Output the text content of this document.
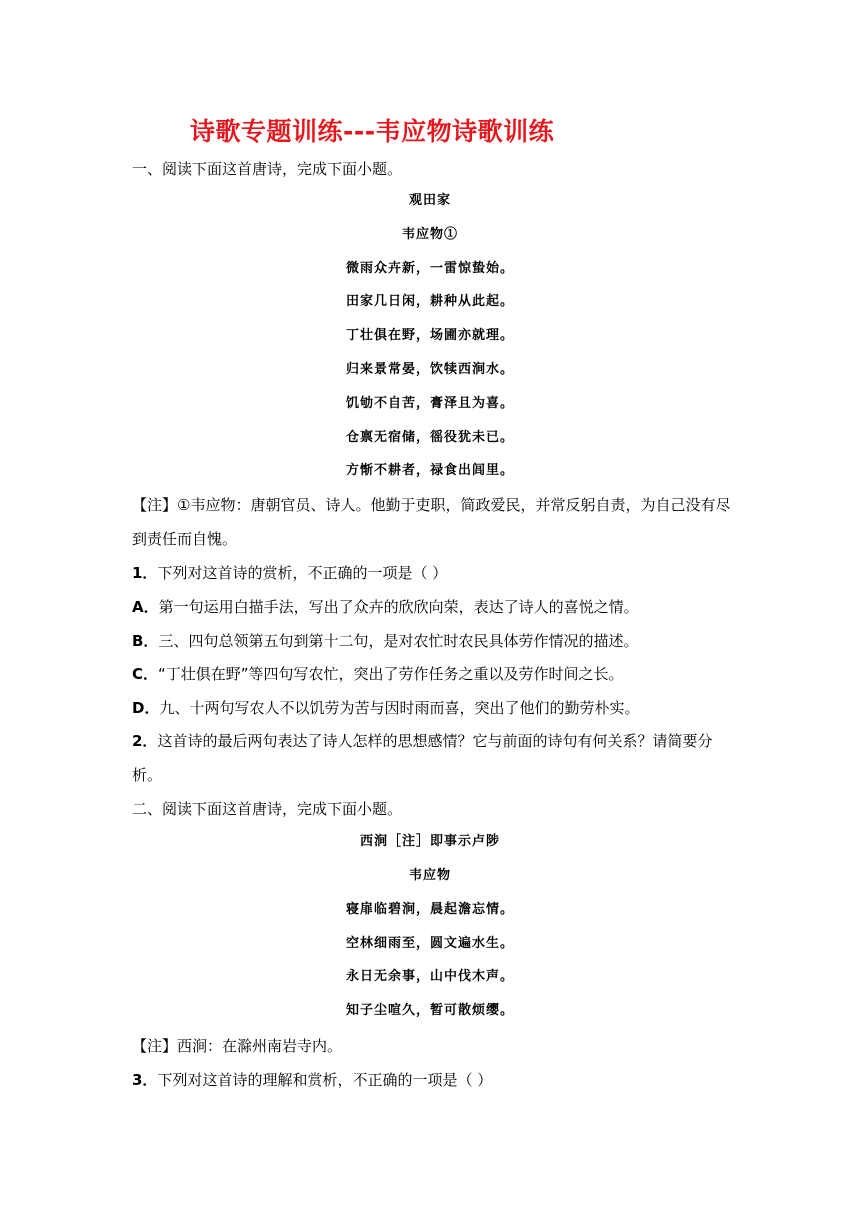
诗歌专题训练---韦应物诗歌训练
一、阅读下面这首唐诗，完成下面小题。
观田家
韦应物①
微雨众卉新，一雷惊蛰始。
田家几日闲，耕种从此起。
丁壮俱在野，场圃亦就理。
归来景常晏，饮犊西涧水。
饥劬不自苦，膏泽且为喜。
仓禀无宿储，徭役犹未已。
方惭不耕者，禄食出闾里。
【注】①韦应物：唐朝官员、诗人。他勤于吏职，简政爱民，并常反躬自责，为自己没有尽到责任而自愧。
1．下列对这首诗的赏析，不正确的一项是（ ）
A．第一句运用白描手法，写出了众卉的欣欣向荣，表达了诗人的喜悦之情。
B．三、四句总领第五句到第十二句，是对农忙时农民具体劳作情况的描述。
C．“丁壮俱在野”等四句写农忙，突出了劳作任务之重以及劳作时间之长。
D．九、十两句写农人不以饥劳为苦与因时雨而喜，突出了他们的勤劳朴实。
2．这首诗的最后两句表达了诗人怎样的思想感情？它与前面的诗句有何关系？请简要分析。
二、阅读下面这首唐诗，完成下面小题。
西涧［注］即事示卢陟
韦应物
寝扉临碧涧，晨起澹忘情。
空林细雨至，圆文遍水生。
永日无余事，山中伐木声。
知子尘喧久，暂可散烦缨。
【注】西涧：在滁州南岩寺内。
3．下列对这首诗的理解和赏析，不正确的一项是（ ）
